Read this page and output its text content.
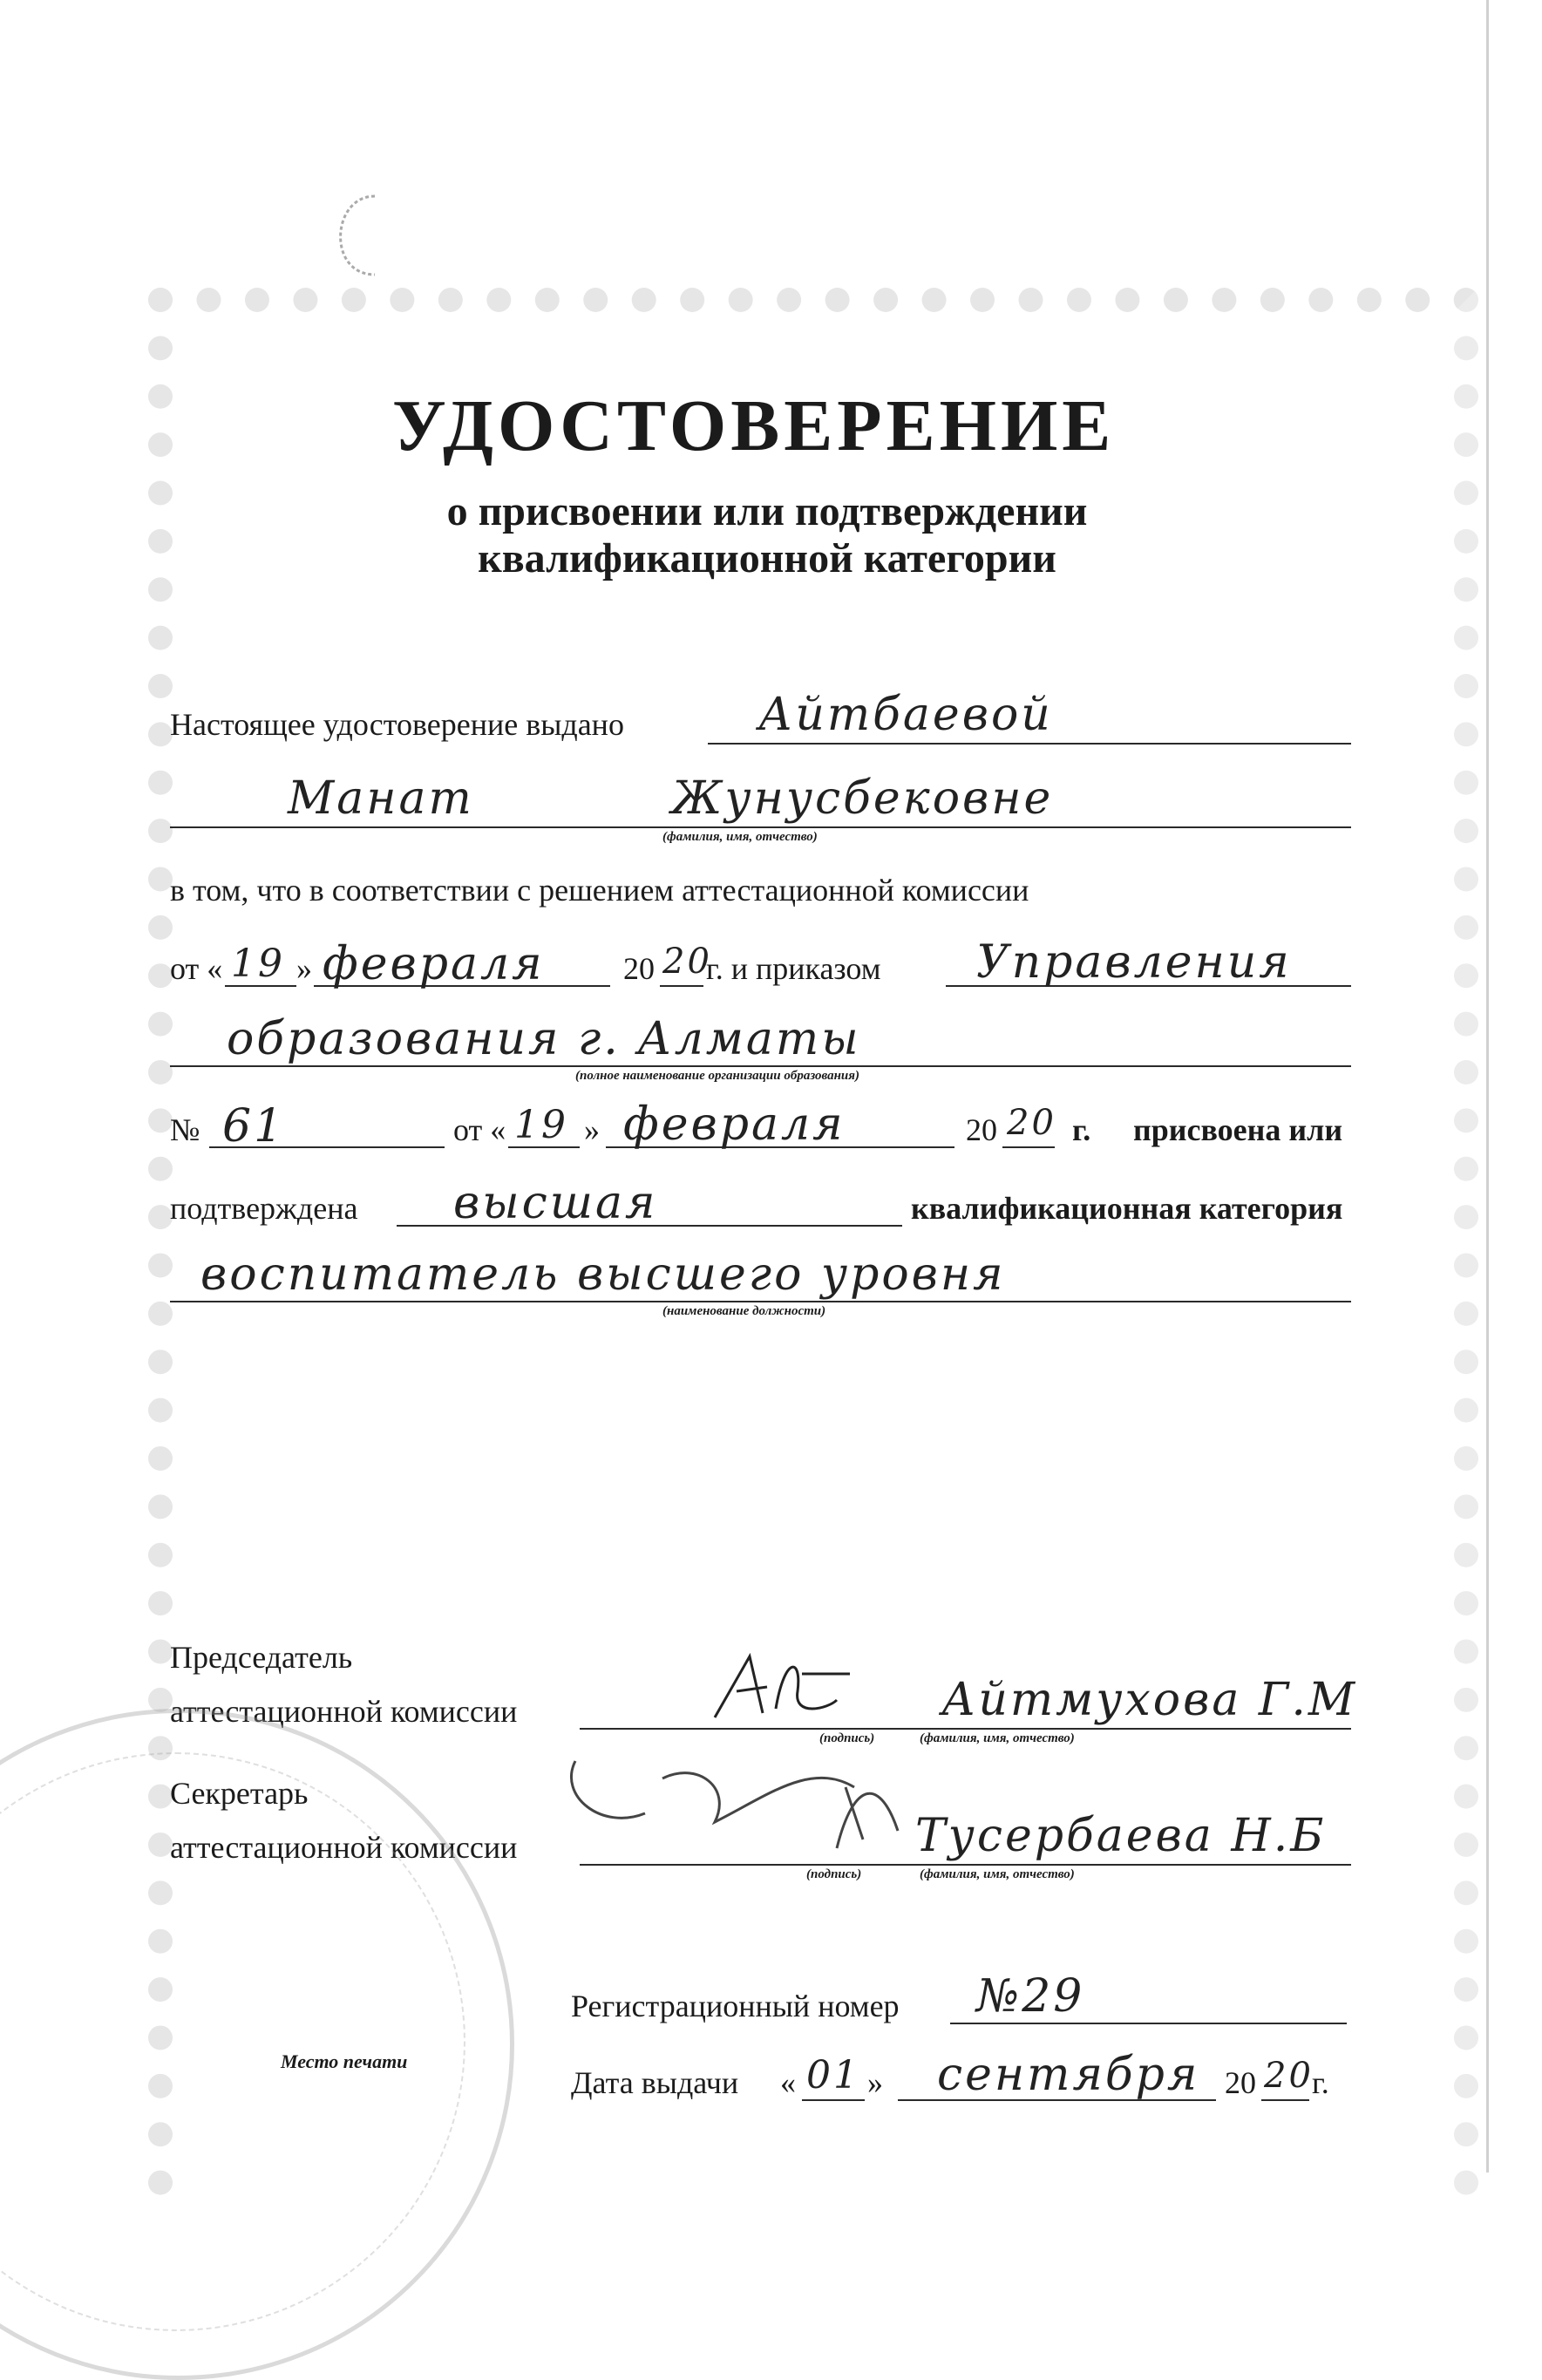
УДОСТОВЕРЕНИЕ
о присвоении или подтверждении
квалификационной категории
Настоящее удостоверение выдано	Айтбаевой
Манат	Жунусбековне
(фамилия, имя, отчество)
в том, что в соответствии с решением аттестационной комиссии
от « 19 » февраля	20 20
г. и приказом Управления
образования г. Алматы
(полное наименование организации образования)
№ 61	от « 19 » февраля	20 20 г. присвоена или
подтверждена высшая	квалификационная категория
воспитатель высшего уровня
(наименование должности)
Председатель
аттестационной комиссии	Айтмухова Г.М
(подпись)	(фамилия, имя, отчество)
Секретарь
аттестационной комиссии	Тусербаева Н.Б
(подпись)	(фамилия, имя, отчество)
Регистрационный номер №29
Место печати
Дата выдачи « 01 » сентября 20 20
г.
